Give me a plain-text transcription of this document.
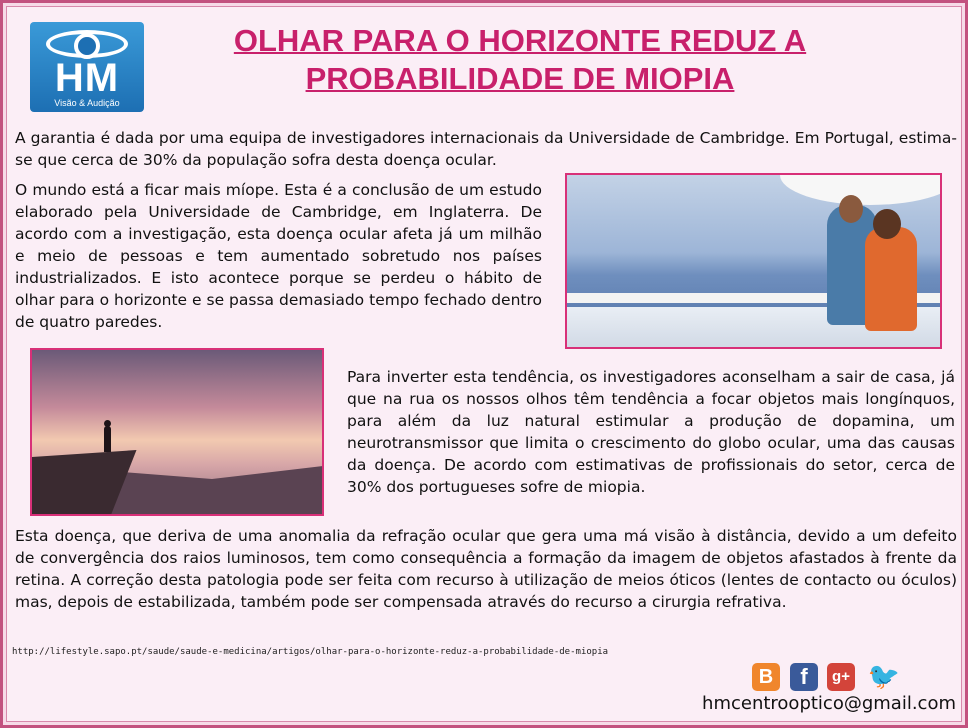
HM
Visão & Audição
OLHAR PARA O HORIZONTE REDUZ A PROBABILIDADE DE MIOPIA

A garantia é dada por uma equipa de investigadores internacionais da Universidade de Cambridge. Em Portugal, estima-se que cerca de 30% da população sofra desta doença ocular.

O mundo está a ficar mais míope. Esta é a conclusão de um estudo elaborado pela Universidade de Cambridge, em Inglaterra. De acordo com a investigação, esta doença ocular afeta já um milhão e meio de pessoas e tem aumentado sobretudo nos países industrializados. E isto acontece porque se perdeu o hábito de olhar para o horizonte e se passa demasiado tempo fechado dentro de quatro paredes.

Para inverter esta tendência, os investigadores aconselham a sair de casa, já que na rua os nossos olhos têm tendência a focar objetos mais longínquos, para além da luz natural estimular a produção de dopamina, um neurotransmissor que limita o crescimento do globo ocular, uma das causas da doença. De acordo com estimativas de profissionais do setor, cerca de 30% dos portugueses sofre de miopia.

Esta doença, que deriva de uma anomalia da refração ocular que gera uma má visão à distância, devido a um defeito de convergência dos raios luminosos, tem como consequência a formação da imagem de objetos afastados à frente da retina. A correção desta patologia pode ser feita com recurso à utilização de meios óticos (lentes de contacto ou óculos) mas, depois de estabilizada, também pode ser compensada através do recurso a cirurgia refrativa.

http://lifestyle.sapo.pt/saude/saude-e-medicina/artigos/olhar-para-o-horizonte-reduz-a-probabilidade-de-miopia
B	f	g+ 🐦
hmcentrooptico@gmail.com
